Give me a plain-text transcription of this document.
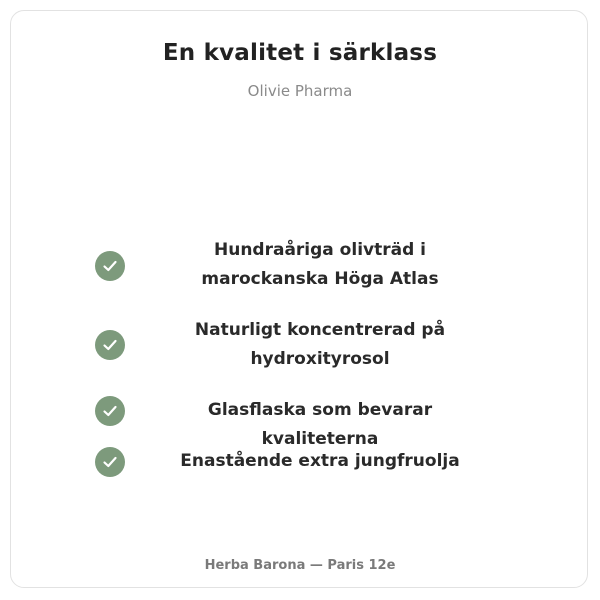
En kvalitet i särklass
Olivie Pharma
Hundraåriga olivträd i marockanska Höga Atlas
Naturligt koncentrerad på hydroxityrosol
Glasflaska som bevarar kvaliteterna
Enastående extra jungfruolja
Herba Barona — Paris 12e
